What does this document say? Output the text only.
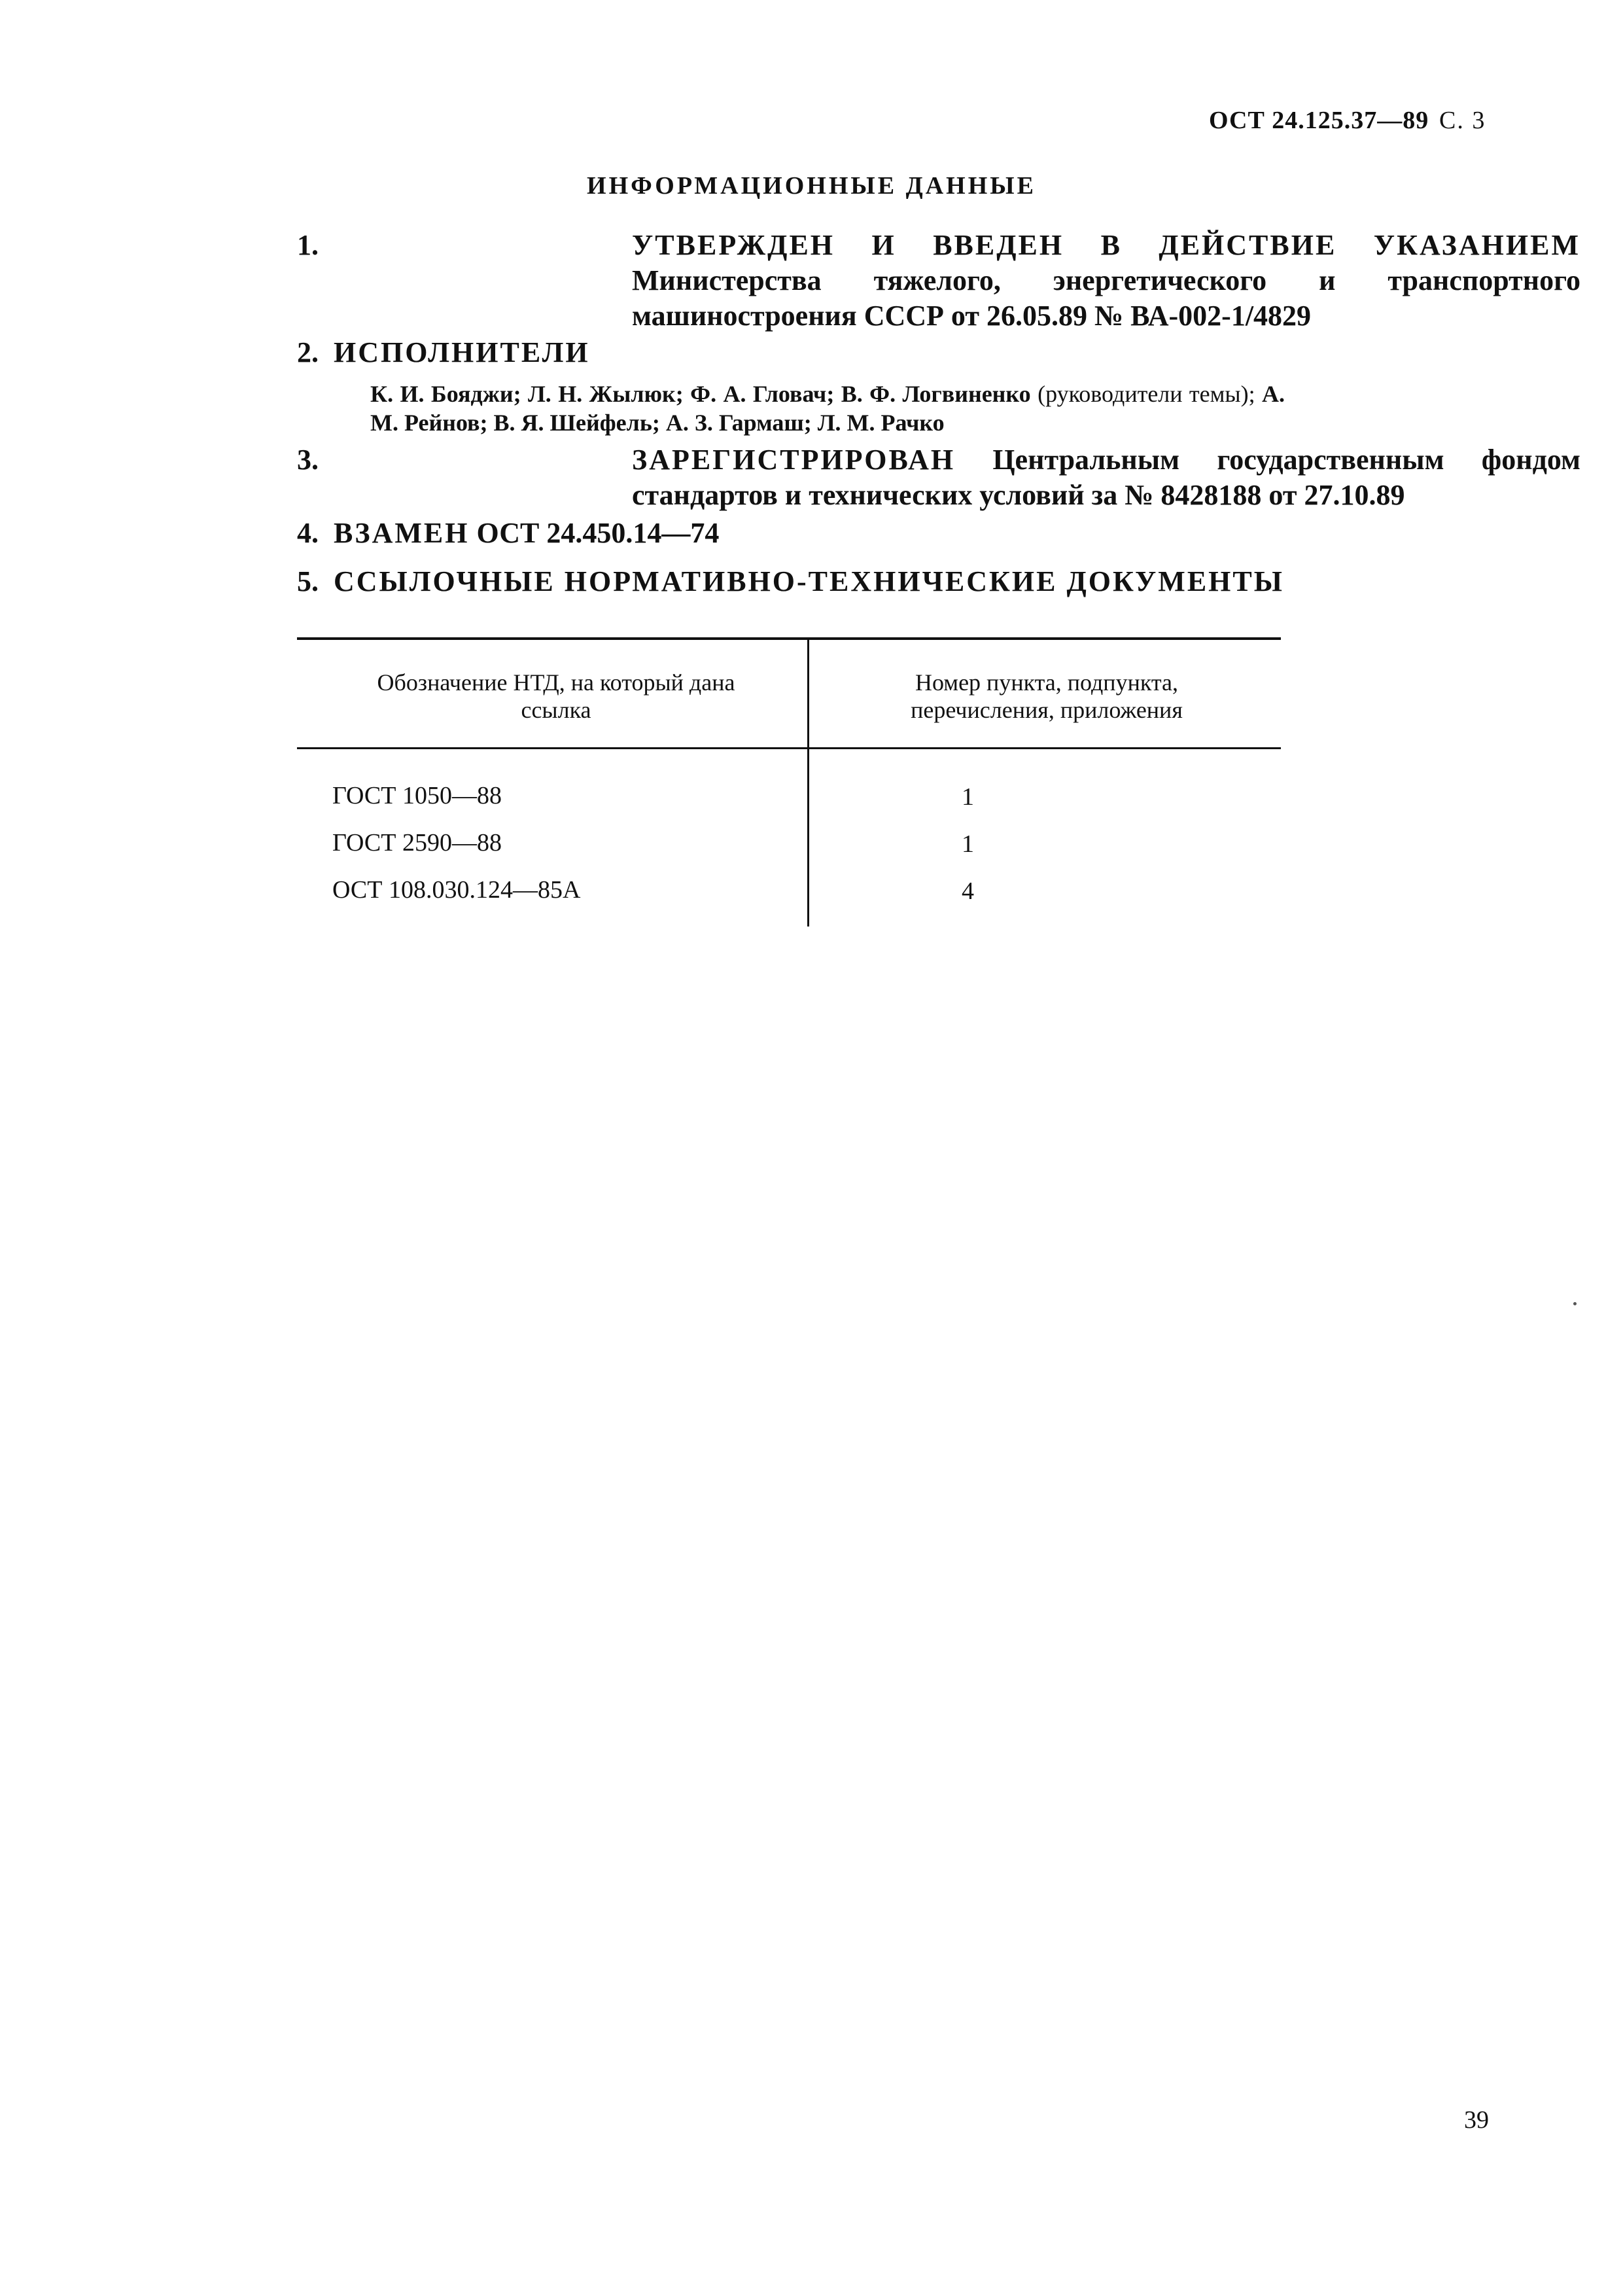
ОСТ 24.125.37—89 С. 3
ИНФОРМАЦИОННЫЕ ДАННЫЕ
1.	УТВЕРЖДЕН И ВВЕДЕН В ДЕЙСТВИЕ УКАЗАНИЕМ Министерства тяжелого, энергетического и транспортного машиностроения СССР от 26.05.89 № ВА-002-1/4829
2. ИСПОЛНИТЕЛИ
К. И. Бояджи; Л. Н. Жылюк; Ф. А. Гловач; В. Ф. Логвиненко (руководители темы); А. М. Рейнов; В. Я. Шейфель; А. З. Гармаш; Л. М. Рачко
3.	ЗАРЕГИСТРИРОВАН Центральным государственным фондом стандартов и технических условий за № 8428188 от 27.10.89
4. ВЗАМЕН ОСТ 24.450.14—74
5. ССЫЛОЧНЫЕ НОРМАТИВНО-ТЕХНИЧЕСКИЕ ДОКУМЕНТЫ
Обозначение НТД, на который дана ссылка
Номер пункта, подпункта, перечисления, приложения
ГОСТ 1050—88	1
ГОСТ 2590—88	1
ОСТ 108.030.124—85А	4
39
